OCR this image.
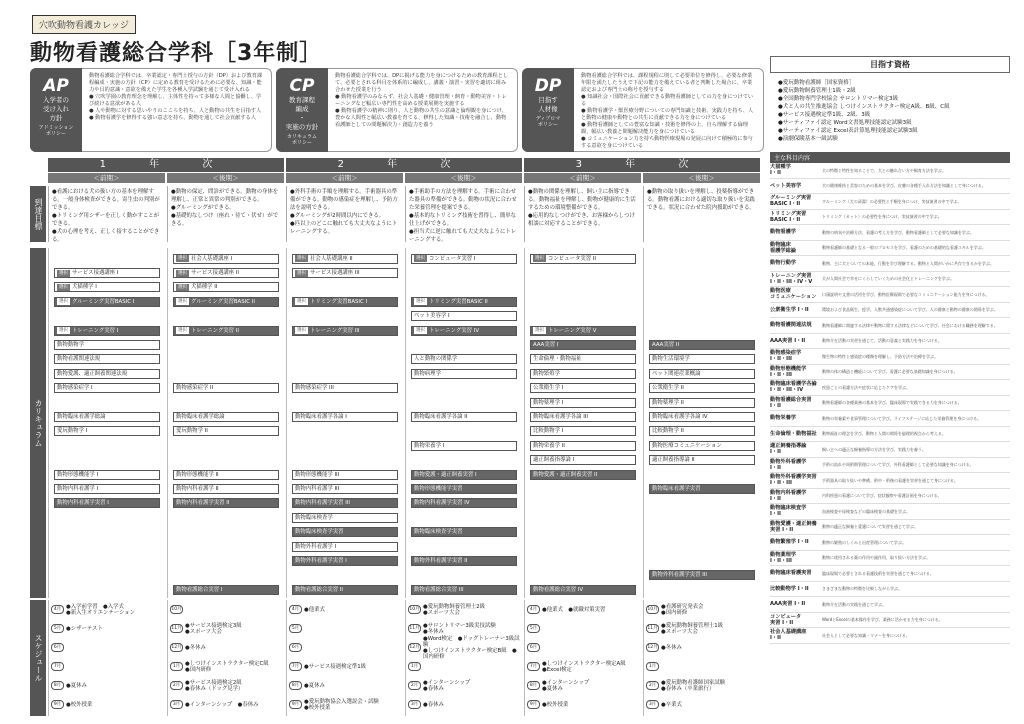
穴吹動物看護カレッジ
動物看護総合学科［3年制］
AP
入学者の
受け入れ
方針
アドミッション
ポリシー
動物看護総合学科では、卒業認定・専門士授与の方針（DP）および教育課程編成・実施の方針（CP）に定める教育を受けるために必要な、知識・能力や目的意識・意欲を備えた学生を各種入学試験を通じて受け入れる
● 穴吹学園の教育理念を理解し、主体性を持って多様な人間と協働し、学び続ける意欲がある人
● 人や動物に対する思いやりのこころを持ち、人と動物の共生を目指す人
● 動物看護学を修得する強い意志を持ち、動物を通して社会貢献する人
CP
教育課程
編成
・
実施の方針
カリキュラム
ポリシー
動物看護総合学科では、DPに掲げる能力を身につけるための教育課程として、必要とされる科目を体系的に編成し、講義・演習・実習を適切に組み合わせた授業を行う
● 動物看護学のみならず、社会人基礎・健康管理・飼育・動物美容・トレーニングなど幅広い専門性を高める授業展開を実施する
● 動物看護学の精神に則り、人と動物の共生の意識と倫理観を身につけ、豊かな人間性と幅広い教養を育てる、修得した知識・技術を融合し、動物看護師としての問題解決力・創造力を養う
DP
目指す
人材像
ディプロマ
ポリシー
動物看護総合学科では、課程規程に則して必要単位を修得し、必要な修業年限を満たしたうえで下記の能力を備えている者と判断した場合に、卒業認定および専門士の称号を授与する
● 知識社会・国際社会に貢献できる動物看護師としての力を身につけている
● 動物看護学・獣医療分野についての専門知識と技術、実践力を持ち、人と動物の健康や動物との共生に貢献できる力を身につけている
● 動物看護師としての豊富な知識・技術を修得の上、自ら理解する倫理観、幅広い教養と問題解決能力を身につけている
● コミュニケーション力を持ち動物医療現場の発展に向けて積極的に参与する意欲を身につけている
1 年 次	2 年 次	3 年 次
＜前期＞	＜後期＞	＜前期＞	＜後期＞	＜前期＞	＜後期＞
到達目標
カリキュラム
スケジュール
●看護における犬の扱い方の基本を理解する。一般身体検査ができる。寄生虫の判別ができる。
●トリミング用シザーを正しく動かすことができる。
●犬の心理を考え、正しく接することができる。
●動物の保定、問診ができる。動物の身体を理解し、正常と異常の判別ができる。
●グルーミングができる。
●基礎的なしつけ（座れ・待て・伏せ）ができる。
●外科手術の手順を理解する。手術器具の準備ができる。動物の感染症を理解し、予防方法を説明できる。
●グルーミングが2時間以内にできる。
●匹以上のどこに触れても大丈夫なようにトレーニングする。
●手術助手の方法を理解する。手術に合わせた器具の準備ができる。動物の状況に合わせた栄養管理を提案できる。
●基本的なトリミング技術を習得し、簡単な仕上げができる。
●担当犬に逆に触れても大丈夫なようにトレーニングする。
●動物の関係を理解し、飼い主に指導できる。動物福祉を理解し、動物が健康的に生活するための環境整備ができる。
●応用的なしつけができ、お客様からしつけ相談に対応することができる。
●動物の取り扱いを理解し、投薬指導ができる。動物看護における適切な取り扱いを実践できる。状況に合わせた院内援助ができる。
選択 サービス接遇講座 I
選択 犬猫種学 I
選択 グルーミング実習BASIC I
選択 トレーニング実習 I
動物動物学
動物看護関連法規
動物愛護、適正飼養関連法規
動物感染症学 I
動物臨床看護学総論
愛玩動物学 I
動物形態機能学 I
動物内科看護学 I
動物内科看護学実習 I
選択 社会人基礎講座 I
選択 サービス接遇講座 II
選択 犬猫種学 II
選択 グルーミング実習BASIC II
選択 トレーニング実習 II
動物感染症学 II
動物臨床看護学総論
愛玩動物学 II
動物形態機能学 II
動物内科看護学 II
動物内科看護学実習 II
動物看護総合実習 I
選択 社会人基礎講座 II
選択 サービス接遇講座 III
選択 トリミング実習BASIC I
選択 トレーニング実習 III
動物感染症学 III
動物臨床看護学各論 I
動物形態機能学 III
動物内科看護学 III
動物内科看護学実習 III
動物臨床検査学
動物臨床検査学実習
動物外科看護学 I
動物外科看護学実習 I
動物看護総合実習 II
選択 コンピュータ実習 I
選択 トリミング実習BASIC II
ペット美容学 I
選択 トレーニング実習 IV
人と動物の関係学
動物病理学
動物臨床看護学各論 II
動物栄養学 I
動物愛護・適正飼養実習 I
動物形態機能学実習
動物内科看護学実習 IV
動物臨床検査学実習
動物外科看護学実習 II
動物看護総合実習 III
選択 コンピュータ実習 II
選択 トレーニング実習 V
AAA実習 I
生命倫理・動物福祉
動物繁殖学
公衆衛生学 I
動物薬理学 I
動物臨床看護学各論 III
比較動物学 I
動物栄養学 II
適正飼養指導論 I
動物愛護・適正飼養実習 II
動物看護総合実習 IV
AAA実習 II
動物生活環境学
ペット関連産業概論
公衆衛生学 II
動物薬理学 II
動物臨床看護学各論 IV
比較動物学 II
動物医療コミュニケーション
適正飼養指導論 II
動物臨床看護学実習
動物外科看護学実習 III
4月 ●入学前学習　●入学式
●新入生オリエンテーション
5月 ●シザーテスト
6月
7月
8月 ●夏休み
9月 ●校外授業
10月
11月 ●サービス接遇検定3級
●スポーツ大会
12月 ●冬休み
1月 ●しつけインストラクター検定C級
●国内研修
2月 ●サービス接遇検定2級
●春休み（ドッグ見学）
3月 ●インターンシップ　●春休み
4月 ●他業式
5月
6月
7月 ●サービス接遇検定準1級
8月 ●夏休み
9月 ●愛玩動物協会入選説会・試験
●校外授業
10月 ●愛玩動物飼養管理士2級
●スポーツ大会
11月 ●サロントリマー3級実技試験
●冬休み
12月
●Word検定　●ドッグトレーナー3級試験
●しつけインストラクター検定B級　●国内研修
1月
2月 ●インターンシップ
●春休み
3月 ●春休み
4月 ●他業式　●就職対策実習
5月
6月
7月 ●しつけインストラクター検定A級
●Excel検定
8月 ●インターンシップ
●夏休み
9月 ●校外授業
10月 ●看護研究発表会
●国内研修
11月 ●愛玩動物飼養管理士1級
●スポーツ大会
12月 ●冬休み
1月
2月 ●愛玩動物看護師国家試験
●春休み（卒業旅行）
3月 ●卒業式
目指す資格
●愛玩動物看護師［国家資格］
●愛玩動物飼養管理士1級・2級
●全国動物専門学校協会 サロントリマー検定3級
●犬と人の共生推進協会 しつけインストラクター検定A級、B級、C級
●サービス接遇検定準1級、2級、3級
●サーティファイ認定 Word文書処理技能認定試験3級
●サーティファイ認定 Excel表計算処理技能認定試験3級
●演劇保険基本一級試験
主な科目内容
犬猫種学
I・II	犬の特徴と特性を知ることで、犬との触れ合い方や飼育方法を学ぶ。
ペット美容学	犬の健康維持と美容のための基本を学び、皮膚の各種手入れ方法を知識として身につける。
グルーミング実習
BASIC I・II	グルーミング（犬の清潔）の必要性と手順を身につけ、実技演習の中で学ぶ。
トリミング実習
BASIC I・II	トリミング（カット）の必要性を身につけ、実技演習の中で学ぶ。
動物看護学	動物の病気や治療方法、看護の考え方を学び、動物看護師として必要な知識を学ぶ。
動物臨床
看護学総論	動物看護師の基礎となる一般のプロセスを学び、看護のための基礎的な看護スキルを学ぶ。
動物行動学	動物、主に犬とついての本能、行動を学び理解する。動物と人間がいかに共存できるかを学ぶ。
トレーニング実習
I・II・III・IV・V	犬が人間社会で幸せにくらしていくための社会化とトレーニングを学ぶ。
動物医療
コミュニケーション	口頭説明や文書の活用を学び、動物医療現場で必要なコミュニケーション能力を身につける。
公衆衛生学 I・II	環境および食品衛生、疫学、人獣共通感染症について学び、人の健康と動物の健康の関係を学ぶ。
動物看護関連法規	動物看護師に関連する法律や動物に関する法律などについて学び、社会における職務を理解する。
AAA実習 I・II	動物介在活動の実習を通じて、活動の意義と実践力を身につける。
動物感染症学
I・II・III	微生物の特性と感染症の種類を理解し、予防方法や治療を学ぶ。
動物形態機能学
I・II・III	動物の体の構造と機能について学び、看護に必要な基礎知識を身につける。
動物臨床看護学各論
I・II・III・IV	疾患ごとの看護方法や症状に応じたケアを学ぶ。
動物看護総合実習
I・II	動物看護師の各種業務の基本を学び、臨床現場で実践できる力を身につける。
動物栄養学	動物の栄養素や食事管理について学び、ライフステージに応じた栄養管理を身につける。
生命倫理・動物福祉	動物福祉の理念を学び、動物と人間の関係を倫理的視点から考える。
適正飼養指導論
I・II	飼い主への適正な飼養指導の方法を学び、実践力を養う。
動物外科看護学
I・II	手術の流れや周術期管理について学び、外科看護師として必要な知識を身につける。
動物外科看護学実習
I・II・III	手術器具の取り扱いや準備、術中・術後の看護を実習を通じて身につける。
動物内科看護学
I・II	内科疾患の看護について学び、症状観察や看護計画を身につける。
動物臨床検査学
I・II	血液検査や尿検査などの臨床検査の基礎を学ぶ。
動物愛護・適正飼養
実習 I・II	動物の適正な飼養と愛護について実習を通じて学ぶ。
動物繁殖学 I・II	動物の繁殖のしくみと出産管理について学ぶ。
動物薬理学
I・II・III	動物に使用される薬の作用や副作用、取り扱い方法を学ぶ。
動物臨床看護実習	臨床現場で必要とされる看護技術を実習を通じて身につける。
比較動物学 I・II	さまざまな動物の特徴を比較しながら学ぶ。
AAA実習 I・II	動物介在活動の実践を通じて学ぶ。
コンピュータ
実習 I・II	WordとExcelの基本操作を学び、業務に活かせる力を身につける。
社会人基礎講座
I・II	社会人として必要な知識・マナーを身につける。
